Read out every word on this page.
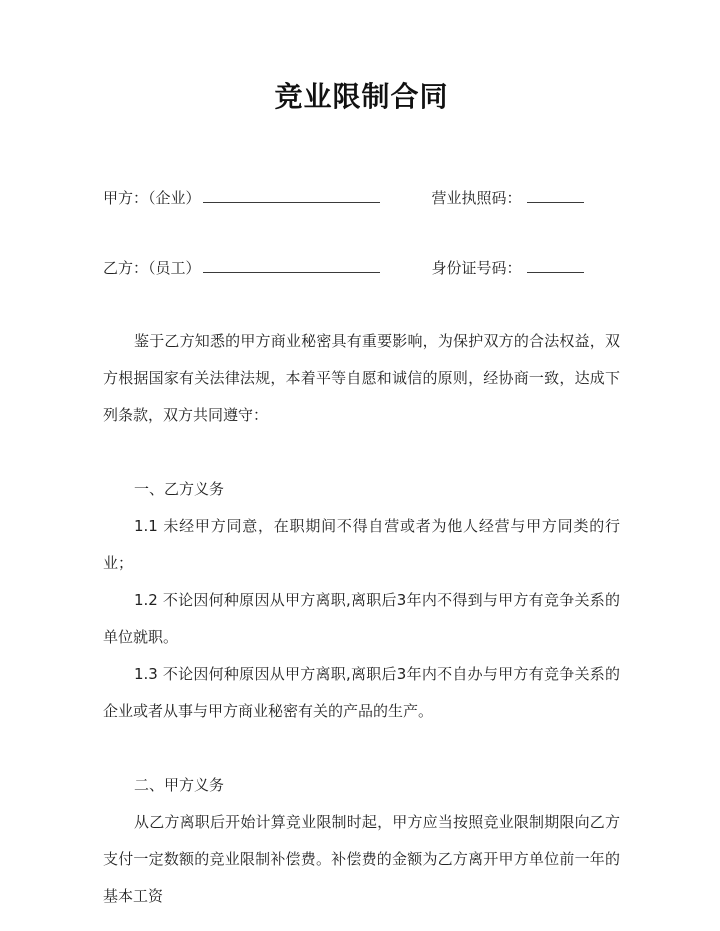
竞业限制合同
甲方：（企业）	营业执照码：
乙方：（员工）	身份证号码：

鉴于乙方知悉的甲方商业秘密具有重要影响，为保护双方的合法权益，双方根据国家有关法律法规，本着平等自愿和诚信的原则，经协商一致，达成下列条款，双方共同遵守：

一、乙方义务

1.1 未经甲方同意，在职期间不得自营或者为他人经营与甲方同类的行业；

1.2 不论因何种原因从甲方离职,离职后3年内不得到与甲方有竞争关系的单位就职。

1.3 不论因何种原因从甲方离职,离职后3年内不自办与甲方有竞争关系的企业或者从事与甲方商业秘密有关的产品的生产。

二、甲方义务

从乙方离职后开始计算竞业限制时起，甲方应当按照竞业限制期限向乙方支付一定数额的竞业限制补偿费。补偿费的金额为乙方离开甲方单位前一年的基本工资
